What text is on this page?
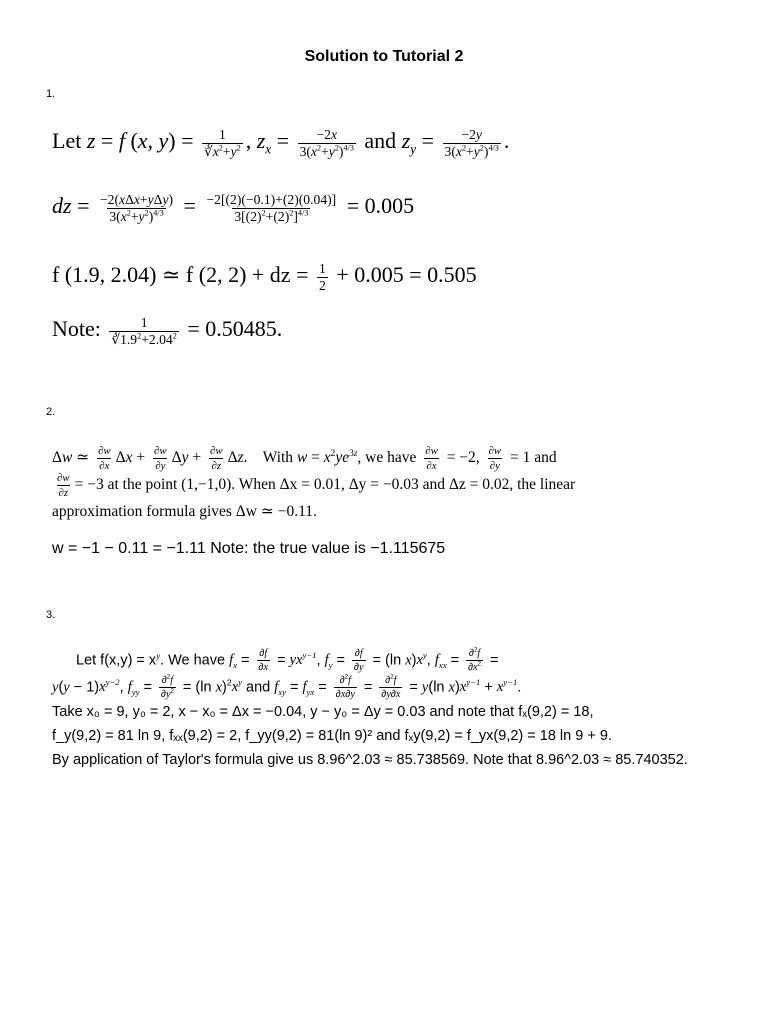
Solution to Tutorial 2
1.
Let z = f (x, $y) = \frac{1}{∛x^2+y^2}$ , $z_x = \frac{-2x}{3(x^2+y^2)^{4/3}}$ and $z_y = \frac{-2y}{3(x^2+y^2)^{4/3}}$ .
dz = $\frac{\text{−2(xΔx+yΔy)}}{3(x^2+y^2)^{4/3}} = \frac{-2[(2)(-0.1)+(2)(0.04)]}{3[(2)^2+(2)^2]^{4/3}} = 0.005$
f (1.9, 2.04) ≃ f (2, 2) + dz = $\frac{1}{2} + 0.005 = 0.505$
Note: $\frac{1}{∛1.9^2+2.04^2} = 0.50485$.
2.
Δw ≃ $\frac{\partial w}{\partial x}$ $\Delta x + \frac{\partial w}{\partial y}$ $\Delta y + \frac{\partial w}{\partial z} \Delta z$.    With $w = x^2ye^{3z}$, we have $\frac{\partial w}{\partial x} = -2$, $\frac{\partial w}{\partial y} = 1$ and
$\frac{\partial w}{\partial z} = -3$ at the point (1,−1,0). When Δx = 0.01, Δy = −0.03 and Δz = 0.02, the linear
approximation formula gives Δw ≃ −0.11.
w = −1 − 0.11 = −1.11 Note: the true value is −1.115675
3.
Let $f(x,y) = x^y$. We have $f_x = \frac{\partial f}{\partial x} = yx^{y-1}$, $f_y = \frac{\partial f}{\partial y} = (\ln$ $x)x^y$, $f_{xx} = \frac{\partial^2f}{\partial x^2}$ =
$y(y - 1)x^{y-2}$, $f_{yy} = \frac{\partial^2f}{\partial y^2} = (\ln$ $x)^2x^y$ and $f_{xy} = f_{yx} = \frac{\partial^2f}{\partial x\partial y} = \frac{\partial^2f}{\partial y\partial x} = y(\ln$ $x)x^{y-1} + x^{y-1}$.
Take x₀ = 9, y₀ = 2, x − x₀ = Δx = −0.04, y − y₀ = Δy = 0.03 and note that fₓ(9,2) = 18,
f_y(9,2) = 81 ln 9, fₓₓ(9,2) = 2, f_yy(9,2) = 81(ln 9)² and fₓy(9,2) = f_yx(9,2) = 18 ln 9 + 9.
By application of Taylor's formula give us 8.96^2.03 ≈ 85.738569. Note that 8.96^2.03 ≈ 85.740352.
